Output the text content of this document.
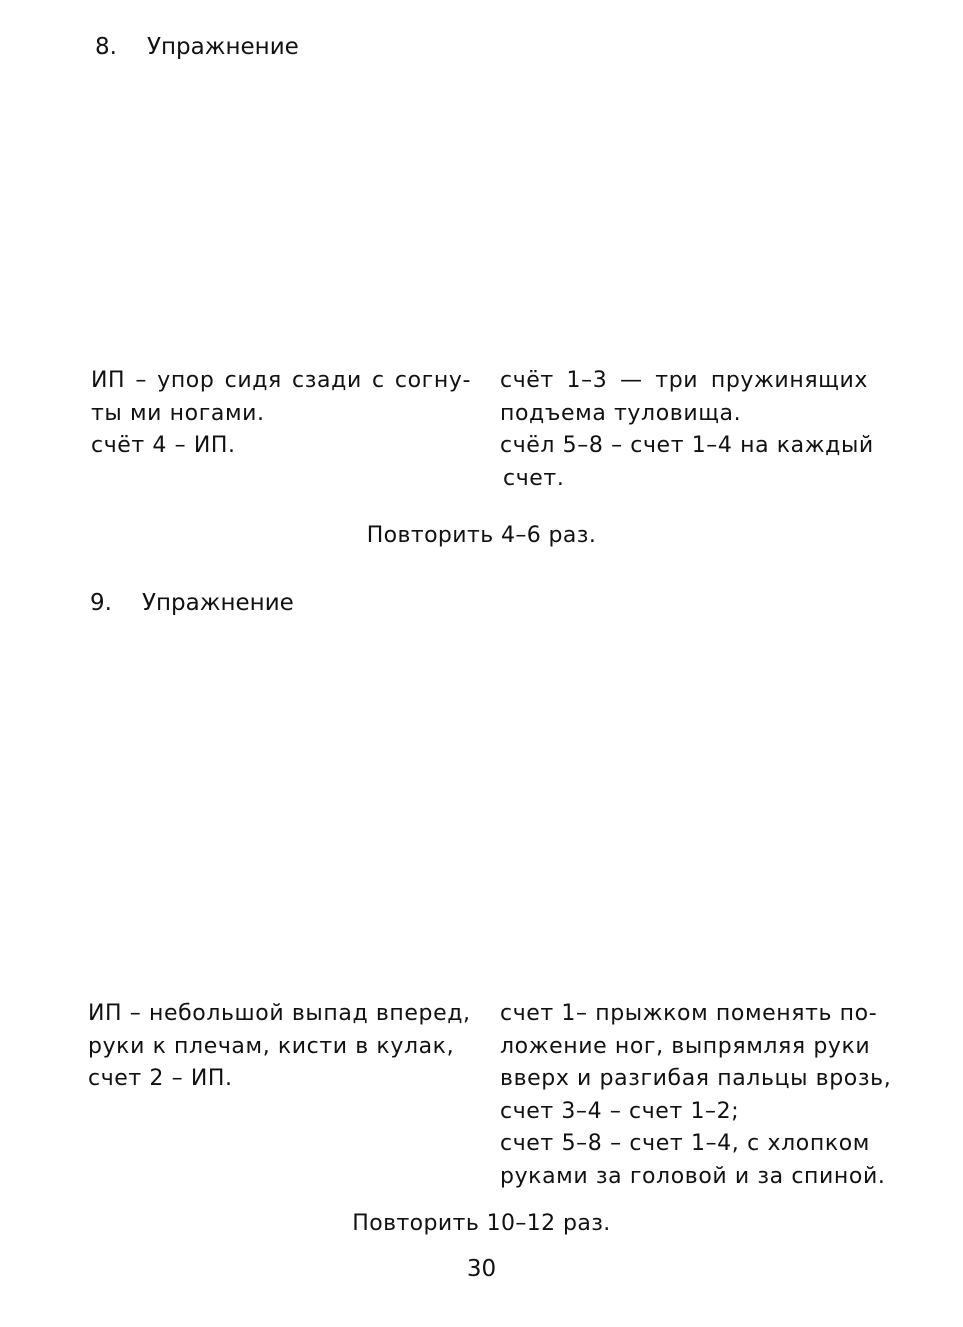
8. Упражнение
ИП – упор сидя сзади с согну-
ты ми ногами.
счёт 4 – ИП.
счёт 1–3 — три пружинящих
подъема туловища.
счёл 5–8 – счет 1–4 на каждый
счет.
Повторить 4–6 раз.
9. Упражнение
ИП – небольшой выпад вперед,
руки к плечам, кисти в кулак,
счет 2 – ИП.
счет 1– прыжком поменять по-
ложение ног, выпрямляя руки
вверх и разгибая пальцы врозь,
счет 3–4 – счет 1–2;
счет 5–8 – счет 1–4, с хлопком
руками за головой и за спиной.
Повторить 10–12 раз.
30
